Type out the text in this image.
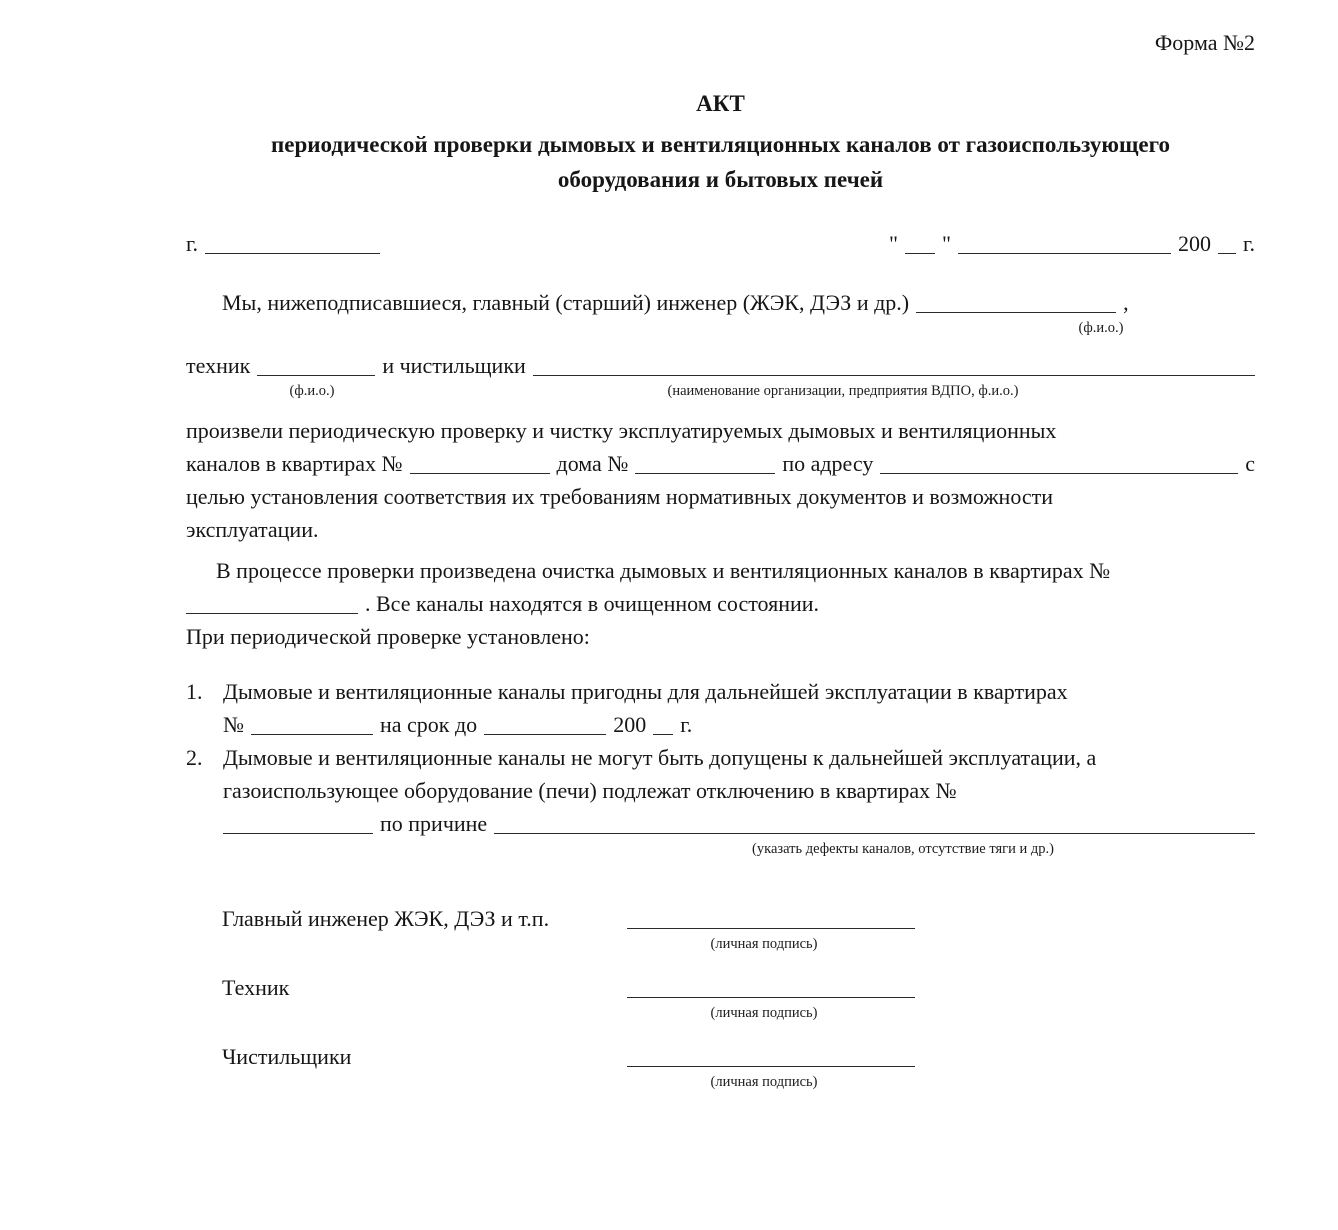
Форма №2
АКТ
периодической проверки дымовых и вентиляционных каналов от газоиспользующего
оборудования и бытовых печей
г.	" "	200 г.
Мы, нижеподписавшиеся, главный (старший) инженер (ЖЭК, ДЭЗ и др.)	,
(ф.и.о.)
техник	и чистильщики
(ф.и.о.)	(наименование организации, предприятия ВДПО, ф.и.о.)
произвели периодическую проверку и чистку эксплуатируемых дымовых и вентиляционных
каналов в квартирах №	дома №	по адресу	с
целью установления соответствия их требованиям нормативных документов и возможности
эксплуатации.
В процессе проверки произведена очистка дымовых и вентиляционных каналов в квартирах №
. Все каналы находятся в очищенном состоянии.
При периодической проверке установлено:
1. Дымовые и вентиляционные каналы пригодны для дальнейшей эксплуатации в квартирах
№	на срок до	200 г.
2. Дымовые и вентиляционные каналы не могут быть допущены к дальнейшей эксплуатации, а
газоиспользующее оборудование (печи) подлежат отключению в квартирах №
по причине
(указать дефекты каналов, отсутствие тяги и др.)
Главный инженер ЖЭК, ДЭЗ и т.п.
(личная подпись)
Техник
(личная подпись)
Чистильщики
(личная подпись)
